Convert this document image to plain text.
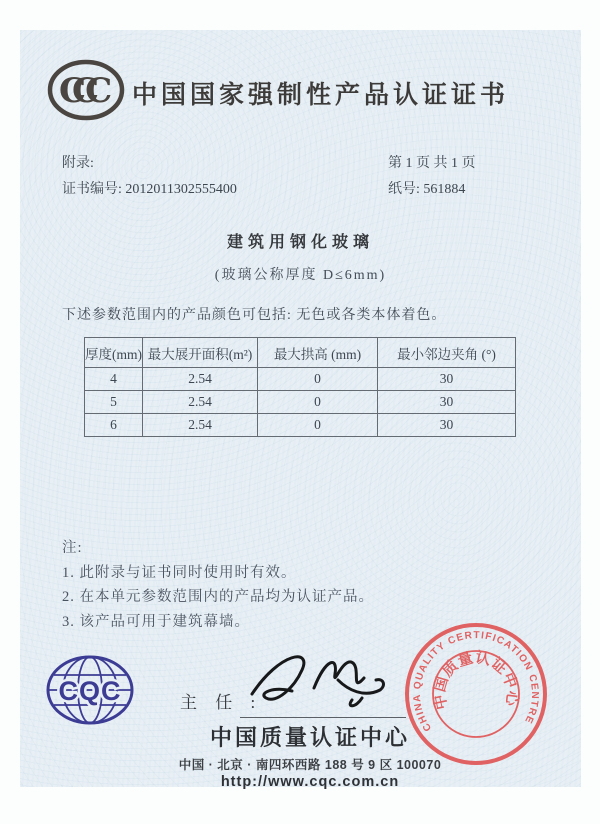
CCC	中国国家强制性产品认证证书
附录:
证书编号: 2012011302555400
第 1 页 共 1 页
纸号: 561884
建筑用钢化玻璃
(玻璃公称厚度 D≤6mm)
下述参数范围内的产品颜色可包括: 无色或各类本体着色。
厚度(mm)	最大展开面积(m²)	最大拱高 (mm)	最小邻边夹角 (°)
4	2.54	0	30
5	2.54	0	30
6	2.54	0	30
注:
1. 此附录与证书同时使用时有效。
2. 在本单元参数范围内的产品均为认证产品。
3. 该产品可用于建筑幕墙。
CQC	主 任 :
中国质量认证中心
中国 · 北京 · 南四环西路 188 号 9 区 100070
http://www.cqc.com.cn
CHINA QUALITY CERTIFICATION CENTRE
中国质量认证中心
